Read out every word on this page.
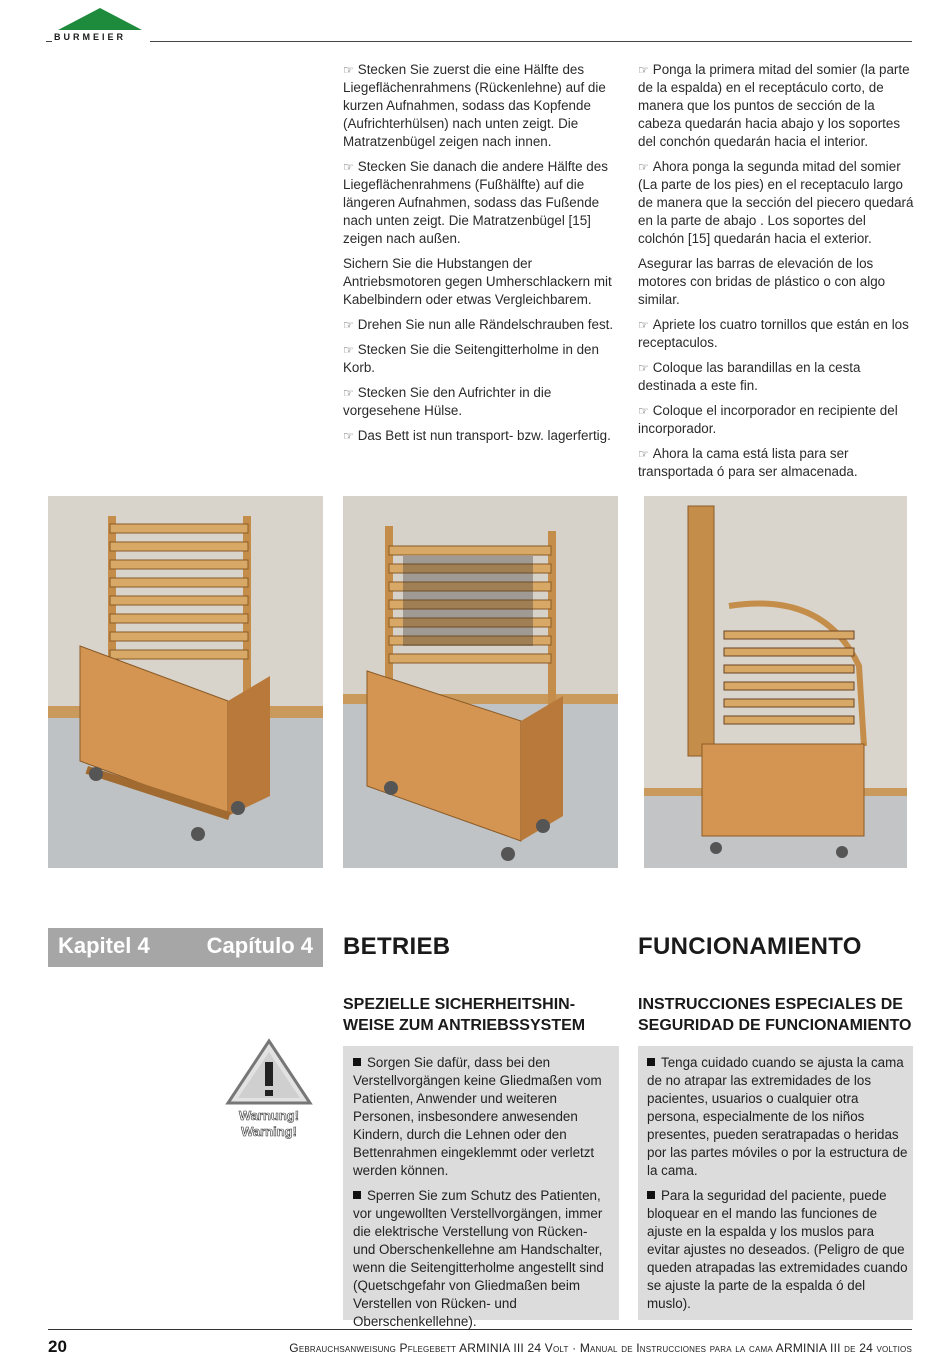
BURMEIER

☞ Stecken Sie zuerst die eine Hälfte des Liegeflächenrahmens (Rückenlehne) auf die kurzen Aufnahmen, sodass das Kopfende (Aufrichterhülsen) nach unten zeigt. Die Matratzenbügel zeigen nach innen.

☞ Stecken Sie danach die andere Hälfte des Liegeflächenrahmens (Fußhälfte) auf die längeren Aufnahmen, sodass das Fußende nach unten zeigt. Die Matratzenbügel [15] zeigen nach außen.

Sichern Sie die Hubstangen der Antriebsmotoren gegen Umherschlackern mit Kabelbindern oder etwas Vergleichbarem.

☞ Drehen Sie nun alle Rändelschrauben fest.

☞ Stecken Sie die Seitengitterholme in den Korb.

☞ Stecken Sie den Aufrichter in die vorgesehene Hülse.

☞ Das Bett ist nun transport- bzw. lagerfertig.

☞ Ponga la primera mitad del somier (la parte de la espalda) en el receptáculo corto, de manera que los puntos de sección de la cabeza quedarán hacia abajo y los soportes del conchón quedarán hacia el interior.

☞ Ahora ponga la segunda mitad del somier (La parte de los pies) en el receptaculo largo de manera que la sección del piecero quedará en la parte de abajo . Los soportes del colchón [15] quedarán hacia el exterior.

Asegurar las barras de elevación de los motores con bridas de plástico o con algo similar.

☞ Apriete los cuatro tornillos que están en los receptaculos.

☞ Coloque las barandillas en la cesta destinada a este fin.

☞ Coloque el incorporador en recipiente del incorporador.

☞ Ahora la cama está lista para ser transportada ó para ser almacenada.

Kapitel 4	Capítulo 4 BETRIEB	FUNCIONAMIENTO
SPEZIELLE SICHERHEITSHIN-WEISE ZUM ANTRIEBSSYSTEM
INSTRUCCIONES ESPECIALES DE SEGURIDAD DE FUNCIONAMIENTO
Warnung!
Warning!

Sorgen Sie dafür, dass bei den Verstellvorgängen keine Gliedmaßen vom Patienten, Anwender und weiteren Personen, insbesondere anwesenden Kindern, durch die Lehnen oder den Bettenrahmen eingeklemmt oder verletzt werden können.

Sperren Sie zum Schutz des Patienten, vor ungewollten Verstellvorgängen, immer die elektrische Verstellung von Rücken- und Oberschenkellehne am Handschalter, wenn die Seitengitterholme angestellt sind (Quetschgefahr von Gliedmaßen beim Verstellen von Rücken- und Oberschenkellehne).

Tenga cuidado cuando se ajusta la cama de no atrapar las extremidades de los pacientes, usuarios o cualquier otra persona, especialmente de los niños presentes, pueden seratrapadas o heridas por las partes móviles o por la estructura de la cama.

Para la seguridad del paciente, puede bloquear en el mando las funciones de ajuste en la espalda y los muslos para evitar ajustes no deseados. (Peligro de que queden atrapadas las extremidades cuando se ajuste la parte de la espalda ó del muslo).

20	Gebrauchsanweisung Pflegebett ARMINIA III 24 Volt · Manual de Instrucciones para la cama ARMINIA III de 24 voltios
